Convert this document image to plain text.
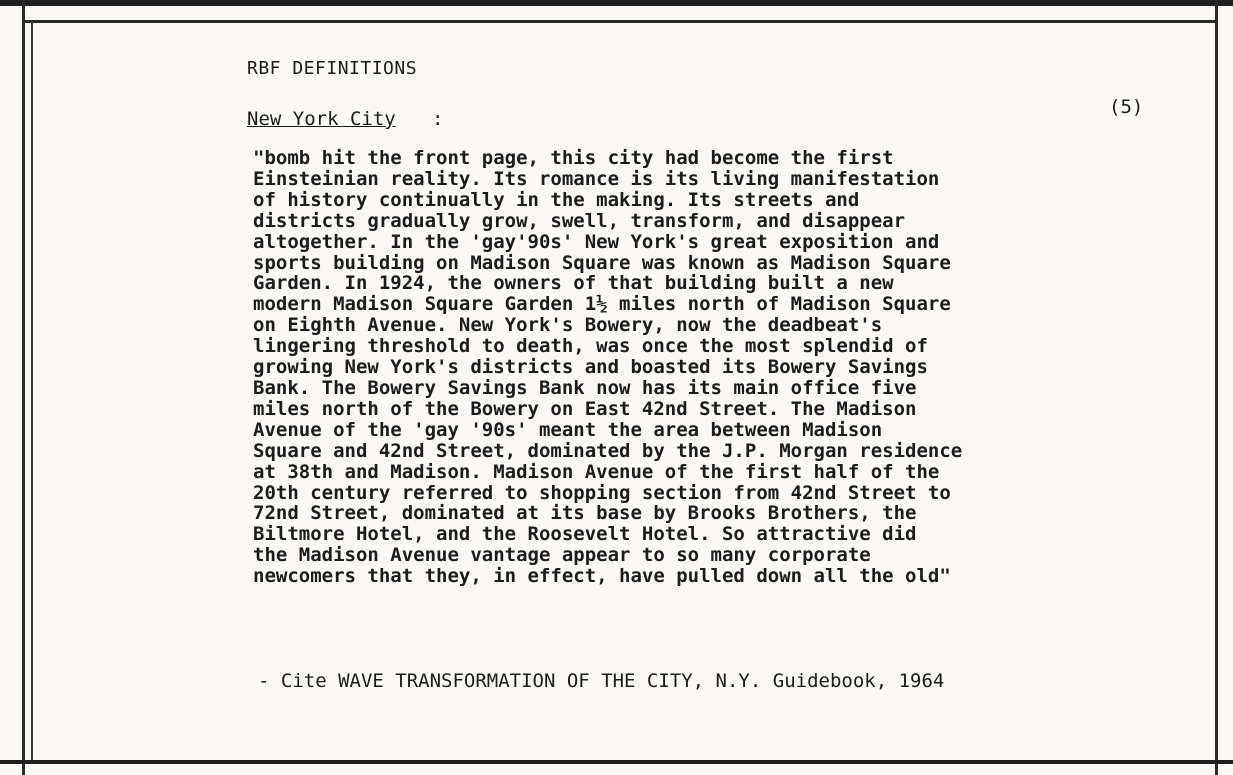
RBF DEFINITIONS
New York City :
(5)
"bomb hit the front page, this city had become the first
Einsteinian reality. Its romance is its living manifestation
of history continually in the making. Its streets and
districts gradually grow, swell, transform, and disappear
altogether. In the 'gay'90s' New York's great exposition and
sports building on Madison Square was known as Madison Square
Garden. In 1924, the owners of that building built a new
modern Madison Square Garden 1½ miles north of Madison Square
on Eighth Avenue. New York's Bowery, now the deadbeat's
lingering threshold to death, was once the most splendid of
growing New York's districts and boasted its Bowery Savings
Bank. The Bowery Savings Bank now has its main office five
miles north of the Bowery on East 42nd Street. The Madison
Avenue of the 'gay '90s' meant the area between Madison
Square and 42nd Street, dominated by the J.P. Morgan residence
at 38th and Madison. Madison Avenue of the first half of the
20th century referred to shopping section from 42nd Street to
72nd Street, dominated at its base by Brooks Brothers, the
Biltmore Hotel, and the Roosevelt Hotel. So attractive did
the Madison Avenue vantage appear to so many corporate
newcomers that they, in effect, have pulled down all the old"
- Cite WAVE TRANSFORMATION OF THE CITY, N.Y. Guidebook, 1964
